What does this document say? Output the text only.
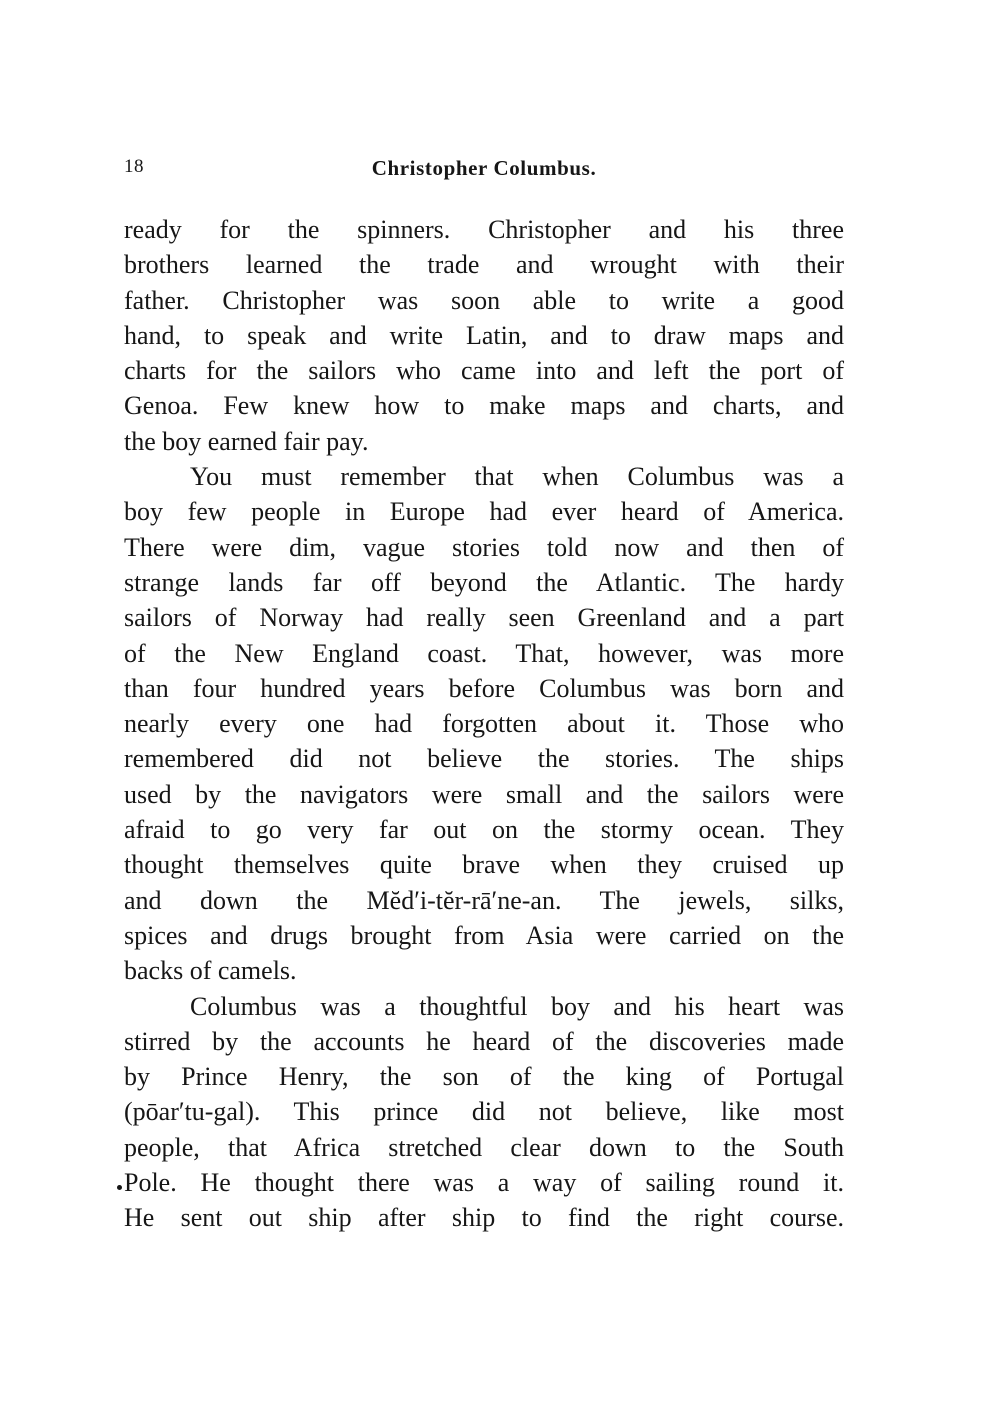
18	Christopher Columbus.
ready for the spinners. Christopher and his three
brothers learned the trade and wrought with their
father. Christopher was soon able to write a good
hand, to speak and write Latin, and to draw maps and
charts for the sailors who came into and left the port of
Genoa. Few knew how to make maps and charts, and
the boy earned fair pay.
You must remember that when Columbus was a
boy few people in Europe had ever heard of America.
There were dim, vague stories told now and then of
strange lands far off beyond the Atlantic. The hardy
sailors of Norway had really seen Greenland and a part
of the New England coast. That, however, was more
than four hundred years before Columbus was born and
nearly every one had forgotten about it. Those who
remembered did not believe the stories. The ships
used by the navigators were small and the sailors were
afraid to go very far out on the stormy ocean. They
thought themselves quite brave when they cruised up
and down the Mĕd′i-tĕr-rā′ne-an. The jewels, silks,
spices and drugs brought from Asia were carried on the
backs of camels.
Columbus was a thoughtful boy and his heart was
stirred by the accounts he heard of the discoveries made
by Prince Henry, the son of the king of Portugal
(pōar′tu-gal). This prince did not believe, like most
people, that Africa stretched clear down to the South
Pole. He thought there was a way of sailing round it.
He sent out ship after ship to find the right course.
